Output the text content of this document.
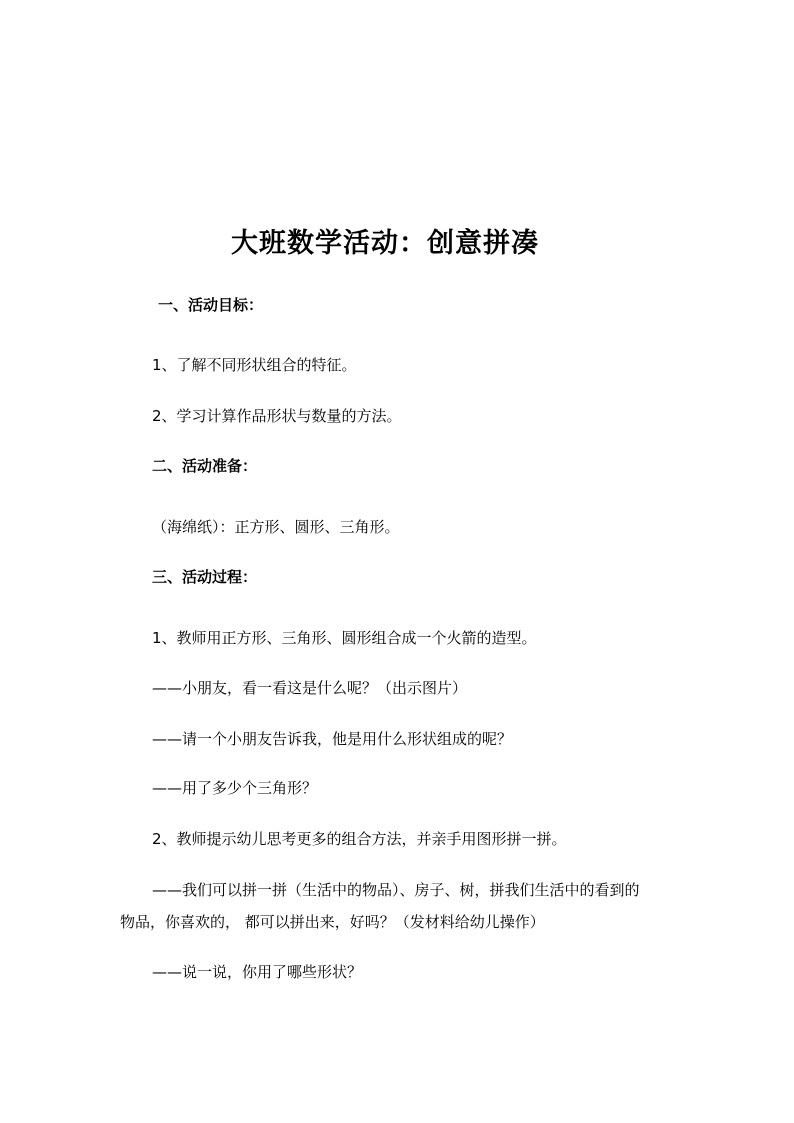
大班数学活动：创意拼凑
一、活动目标：
1、了解不同形状组合的特征。
2、学习计算作品形状与数量的方法。
二、活动准备：
（海绵纸）：正方形、圆形、三角形。
三、活动过程：
1、教师用正方形、三角形、圆形组合成一个火箭的造型。
——小朋友，看一看这是什么呢？（出示图片）
——请一个小朋友告诉我，他是用什么形状组成的呢？
——用了多少个三角形？
2、教师提示幼儿思考更多的组合方法，并亲手用图形拼一拼。
——我们可以拼一拼（生活中的物品）、房子、树，拼我们生活中的看到的
物品，你喜欢的， 都可以拼出来，好吗？（发材料给幼儿操作）
——说一说，你用了哪些形状？
